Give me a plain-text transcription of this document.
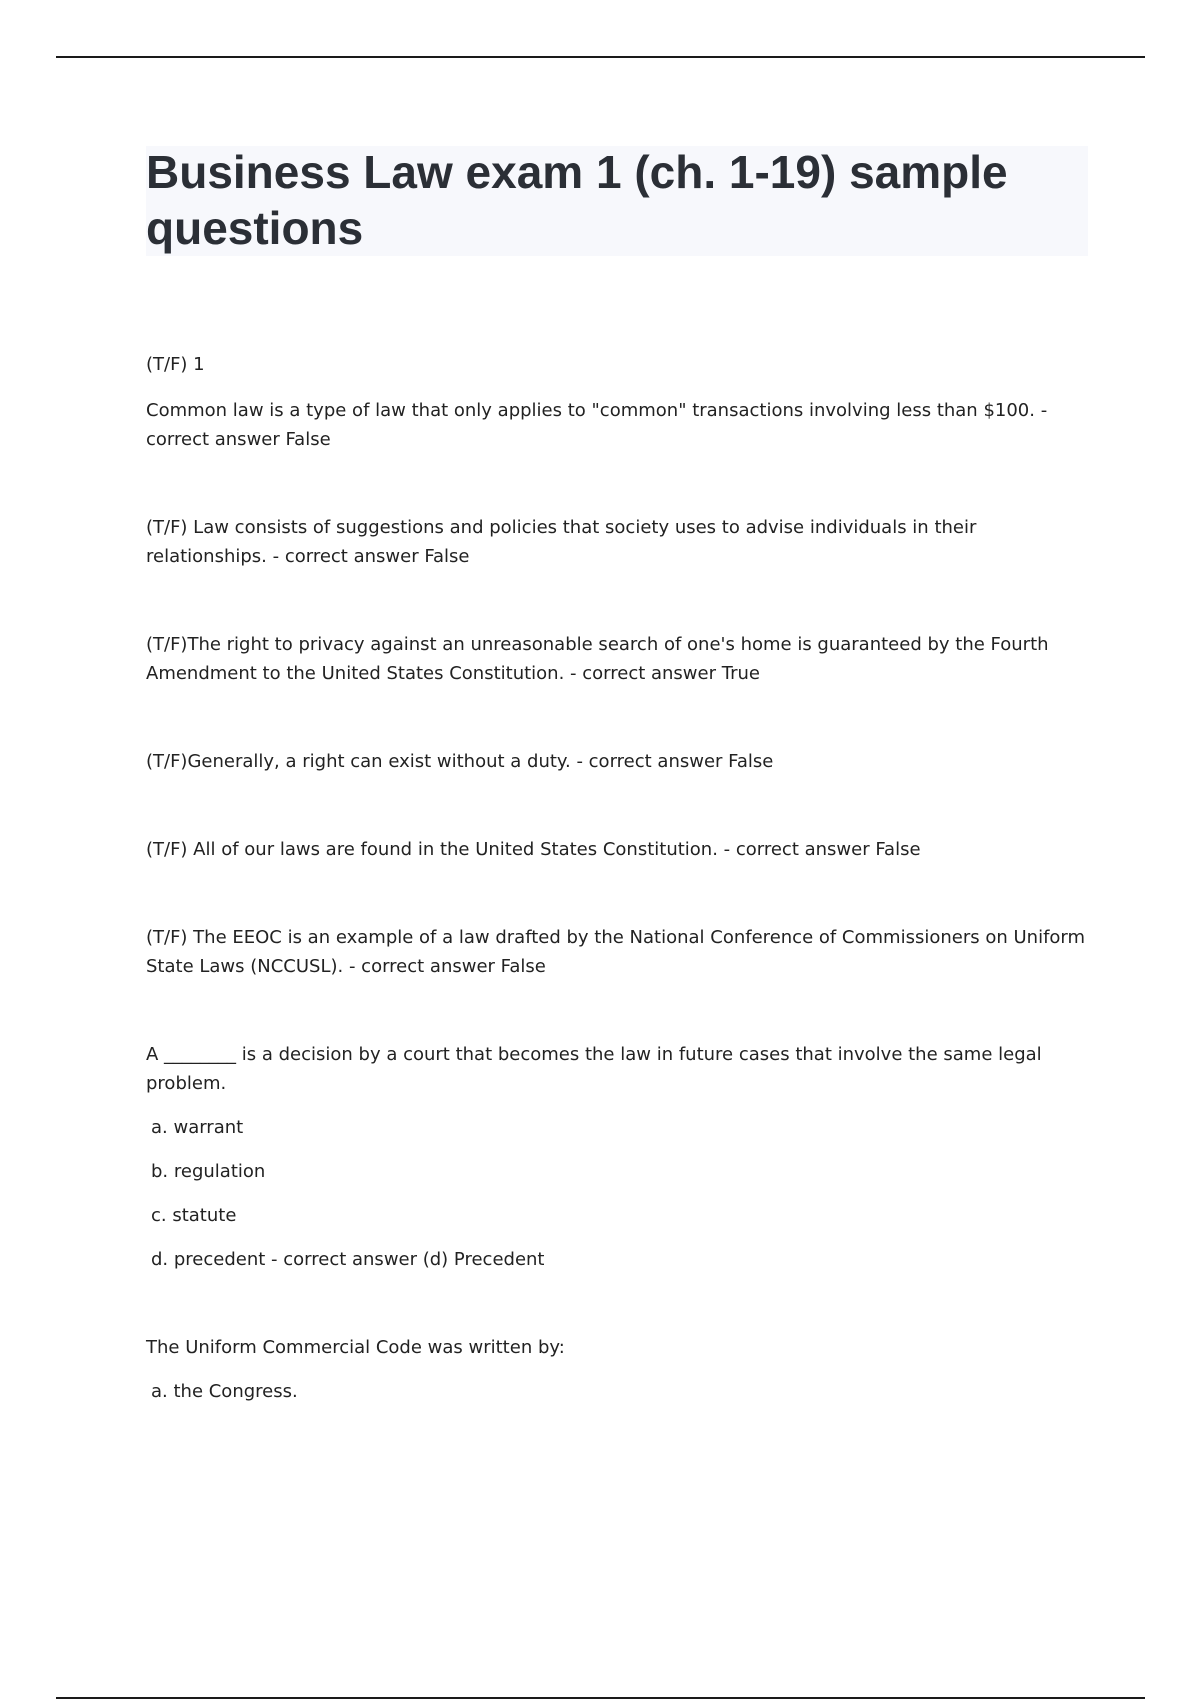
Business Law exam 1 (ch. 1-19) sample questions

(T/F) 1

Common law is a type of law that only applies to "common" transactions involving less than $100. - correct answer False

(T/F) Law consists of suggestions and policies that society uses to advise individuals in their relationships. - correct answer False

(T/F)The right to privacy against an unreasonable search of one's home is guaranteed by the Fourth Amendment to the United States Constitution. - correct answer True

(T/F)Generally, a right can exist without a duty. - correct answer False

(T/F) All of our laws are found in the United States Constitution. - correct answer False

(T/F) The EEOC is an example of a law drafted by the National Conference of Commissioners on Uniform State Laws (NCCUSL). - correct answer False

A ________ is a decision by a court that becomes the law in future cases that involve the same legal problem.

a. warrant

b. regulation

c. statute

d. precedent - correct answer (d) Precedent

The Uniform Commercial Code was written by:

a. the Congress.
